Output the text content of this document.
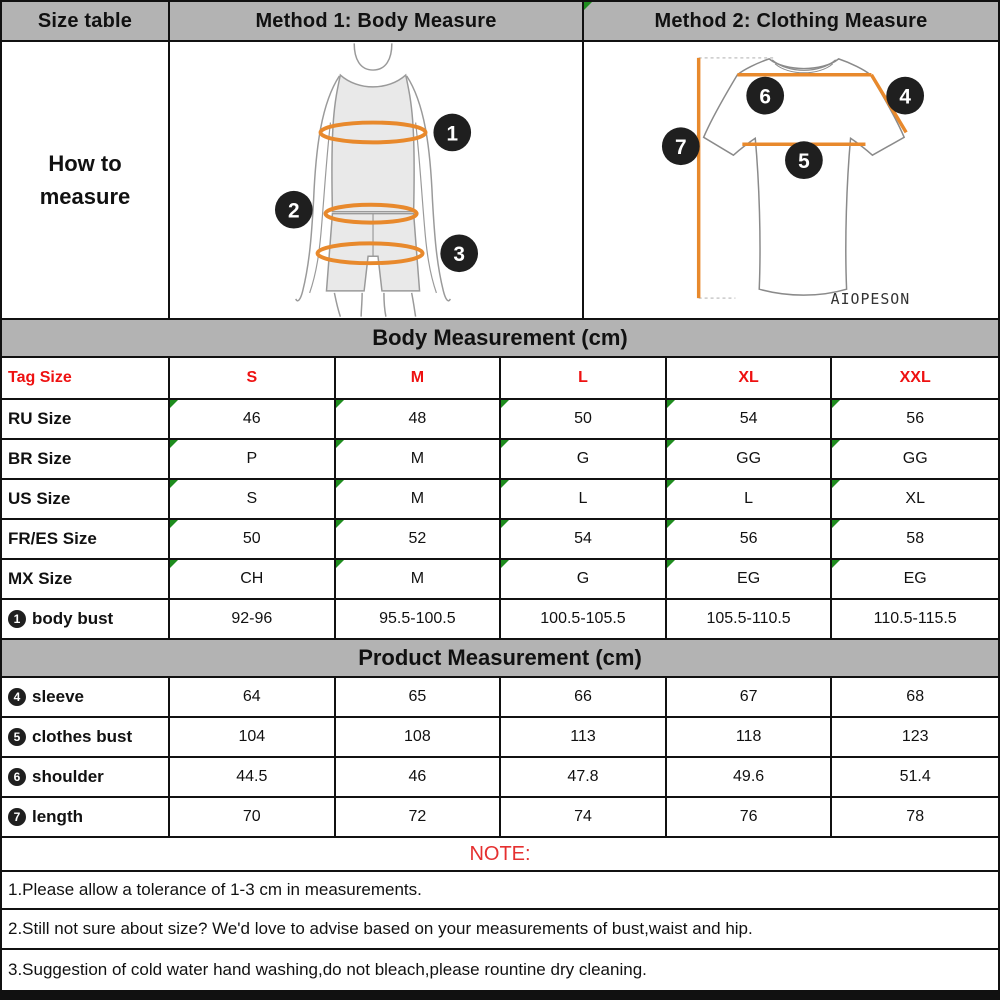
Size table	Method 1: Body Measure	Method 2: Clothing Measure
How to
measure
1
2
3
6	4
7
5
AIOPESON
Body Measurement (cm)
Tag Size	S	M	L	XL	XXL
RU Size	46	48	50	54	56
BR Size	P	M	G	GG	GG
US Size	S	M	L	L	XL
FR/ES Size	50	52	54	56	58
MX Size	CH	M	G	EG	EG
1 body bust	92-96	95.5-100.5	100.5-105.5	105.5-110.5	110.5-115.5
Product Measurement (cm)
4 sleeve	64	65	66	67	68
5 clothes bust	104	108	113	118	123
6 shoulder	44.5	46	47.8	49.6	51.4
7 length	70	72	74	76	78
NOTE:
1.Please allow a tolerance of 1-3 cm in measurements.
2.Still not sure about size? We'd love to advise based on your measurements of bust,waist and hip.
3.Suggestion of cold water hand washing,do not bleach,please rountine dry cleaning.
